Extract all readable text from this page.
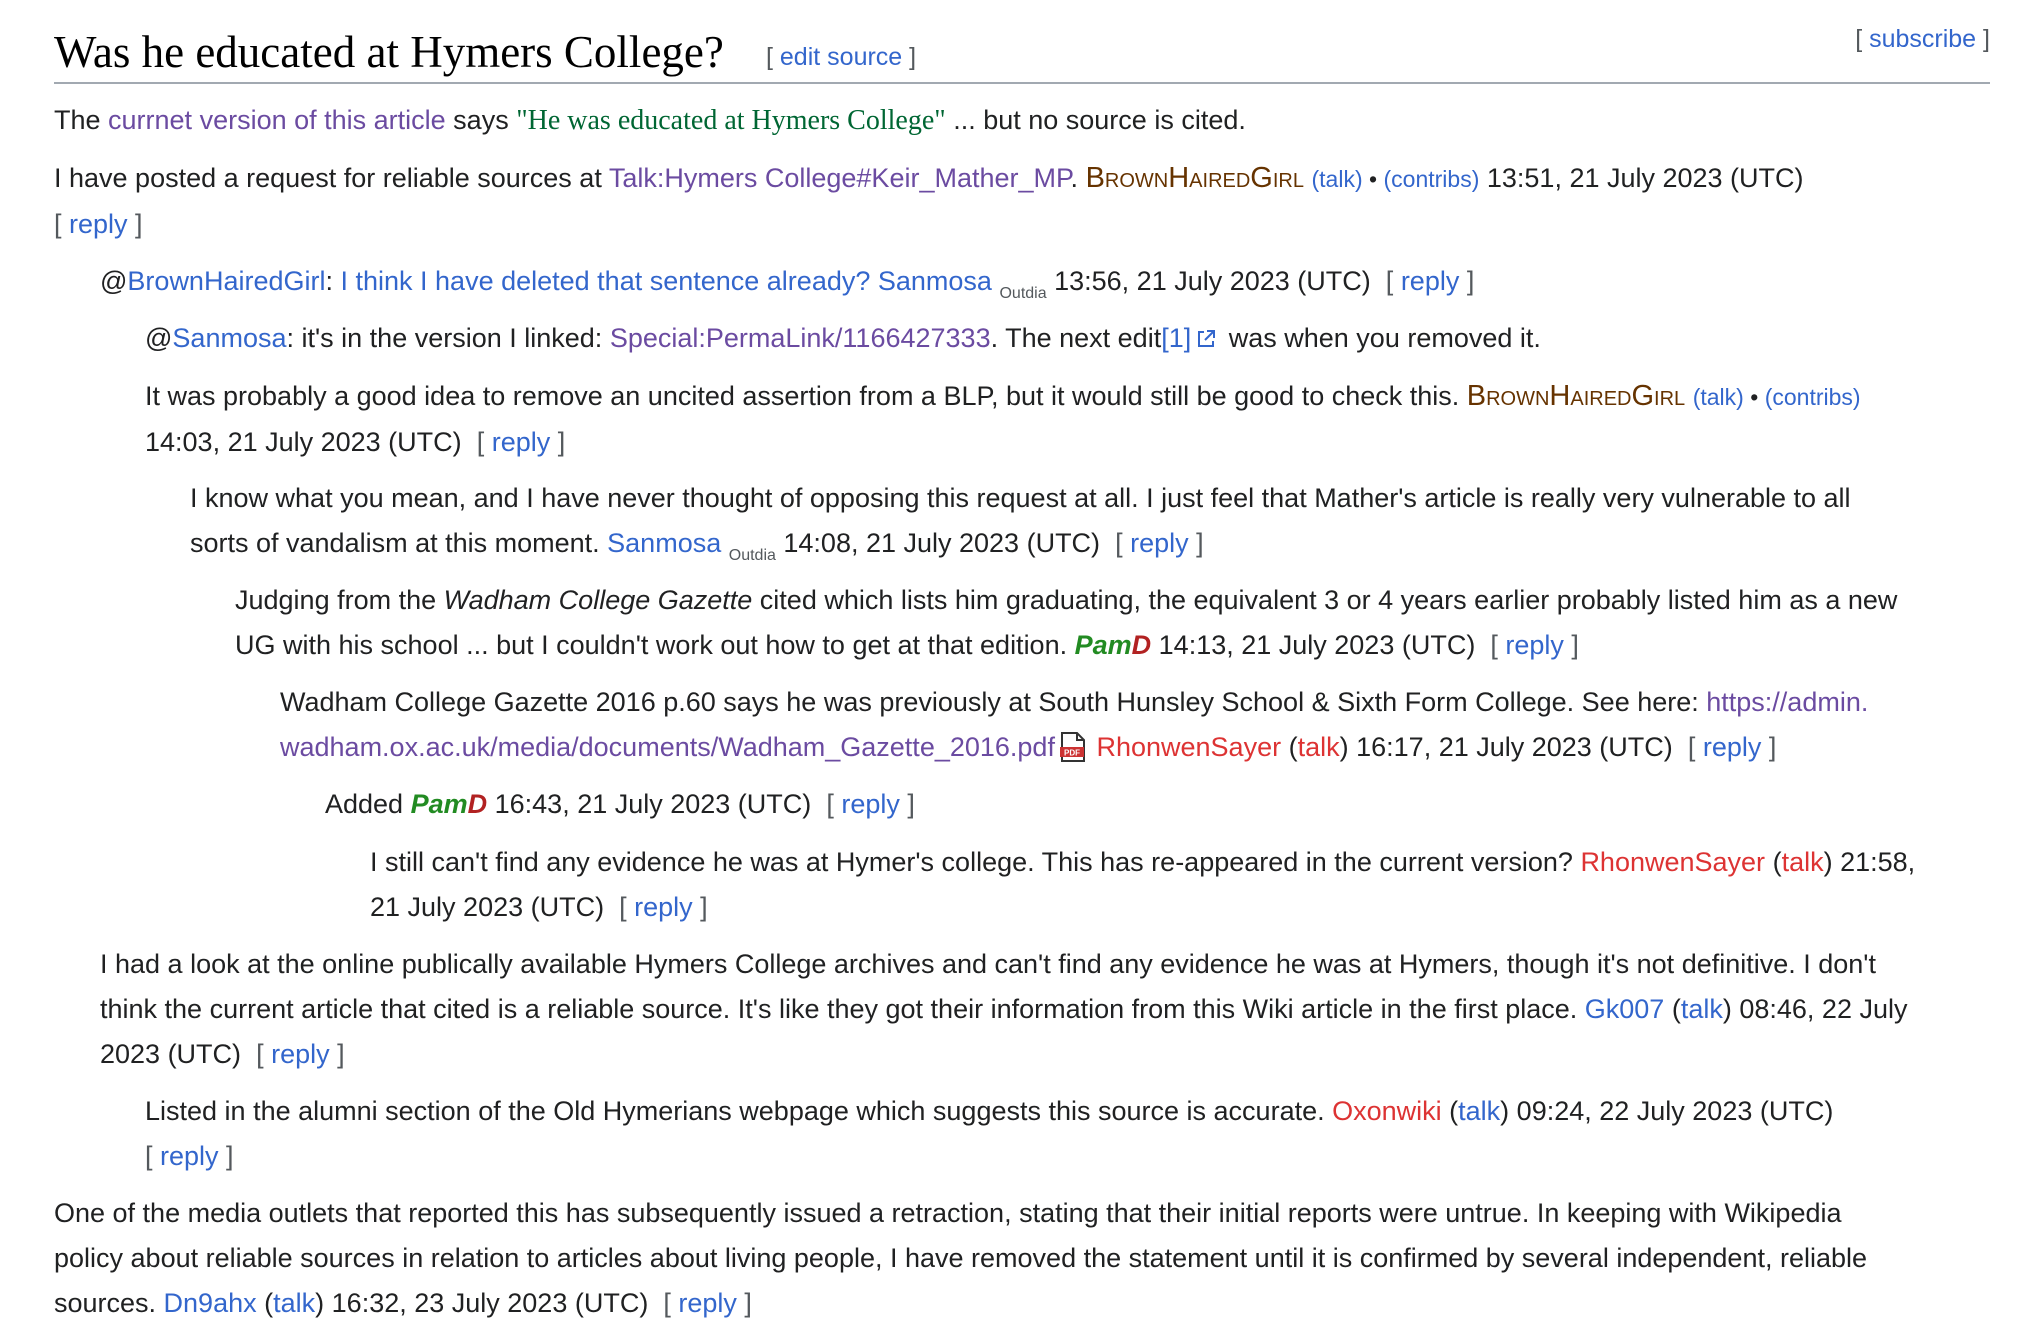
Was he educated at Hymers College? [ edit source ]
[ subscribe ]
The currnet version of this article says "He was educated at Hymers College" ... but no source is cited.
I have posted a request for reliable sources at Talk:Hymers College#Keir_Mather_MP. BrownHairedGirl (talk) • (contribs) 13:51, 21 July 2023 (UTC)
[ reply ]
@BrownHairedGirl: I think I have deleted that sentence already? Sanmosa $_{Outdia}$ 13:56, 21 July 2023 (UTC) [ reply ]
@Sanmosa: it's in the version I linked: Special:PermaLink/1166427333. The next edit[1] was when you removed it.
It was probably a good idea to remove an uncited assertion from a BLP, but it would still be good to check this. BrownHairedGirl (talk) • (contribs)
14:03, 21 July 2023 (UTC) [ reply ]
I know what you mean, and I have never thought of opposing this request at all. I just feel that Mather's article is really very vulnerable to all
sorts of vandalism at this moment. Sanmosa $_{Outdia}$ 14:08, 21 July 2023 (UTC) [ reply ]
Judging from the Wadham College Gazette cited which lists him graduating, the equivalent 3 or 4 years earlier probably listed him as a new
UG with his school ... but I couldn't work out how to get at that edition. PamD 14:13, 21 July 2023 (UTC) [ reply ]
Wadham College Gazette 2016 p.60 says he was previously at South Hunsley School & Sixth Form College. See here: https://admin.
wadham.ox.ac.uk/media/documents/Wadham_Gazette_2016.pdf PDF RhonwenSayer (talk) 16:17, 21 July 2023 (UTC) [ reply ]
Added PamD 16:43, 21 July 2023 (UTC) [ reply ]
I still can't find any evidence he was at Hymer's college. This has re-appeared in the current version? RhonwenSayer (talk) 21:58,
21 July 2023 (UTC) [ reply ]
I had a look at the online publically available Hymers College archives and can't find any evidence he was at Hymers, though it's not definitive. I don't
think the current article that cited is a reliable source. It's like they got their information from this Wiki article in the first place. Gk007 (talk) 08:46, 22 July
2023 (UTC) [ reply ]
Listed in the alumni section of the Old Hymerians webpage which suggests this source is accurate. Oxonwiki (talk) 09:24, 22 July 2023 (UTC)
[ reply ]
One of the media outlets that reported this has subsequently issued a retraction, stating that their initial reports were untrue. In keeping with Wikipedia
policy about reliable sources in relation to articles about living people, I have removed the statement until it is confirmed by several independent, reliable
sources. Dn9ahx (talk) 16:32, 23 July 2023 (UTC) [ reply ]
